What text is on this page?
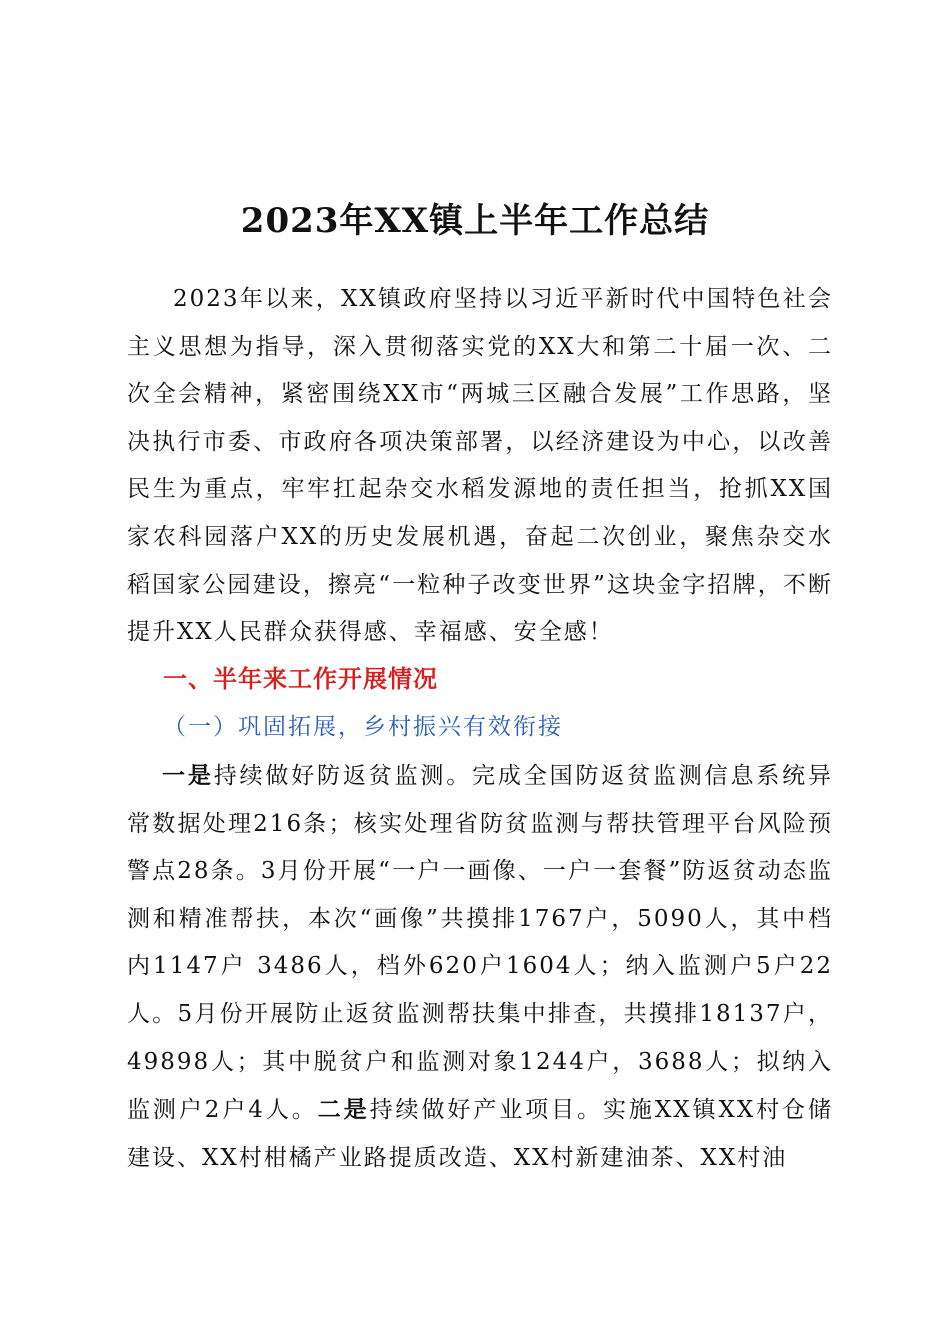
2023年XX镇上半年工作总结

2023年以来，XX镇政府坚持以习近平新时代中国特色社会主义思想为指导，深入贯彻落实党的XX大和第二十届一次、二次全会精神，紧密围绕XX市“两城三区融合发展”工作思路，坚决执行市委、市政府各项决策部署，以经济建设为中心，以改善民生为重点，牢牢扛起杂交水稻发源地的责任担当，抢抓XX国家农科园落户XX的历史发展机遇，奋起二次创业，聚焦杂交水稻国家公园建设，擦亮“一粒种子改变世界”这块金字招牌，不断提升XX人民群众获得感、幸福感、安全感！

一、半年来工作开展情况
（一）巩固拓展，乡村振兴有效衔接

一是持续做好防返贫监测。完成全国防返贫监测信息系统异常数据处理216条；核实处理省防贫监测与帮扶管理平台风险预警点28条。3月份开展“一户一画像、一户一套餐”防返贫动态监测和精准帮扶，本次“画像”共摸排1767户，5090人，其中档内1147户 3486人，档外620户1604人；纳入监测户5户22人。5月份开展防止返贫监测帮扶集中排查，共摸排18137户，49898人；其中脱贫户和监测对象1244户，3688人；拟纳入监测户2户4人。二是持续做好产业项目。实施XX镇XX村仓储建设、XX村柑橘产业路提质改造、XX村新建油茶、XX村油
